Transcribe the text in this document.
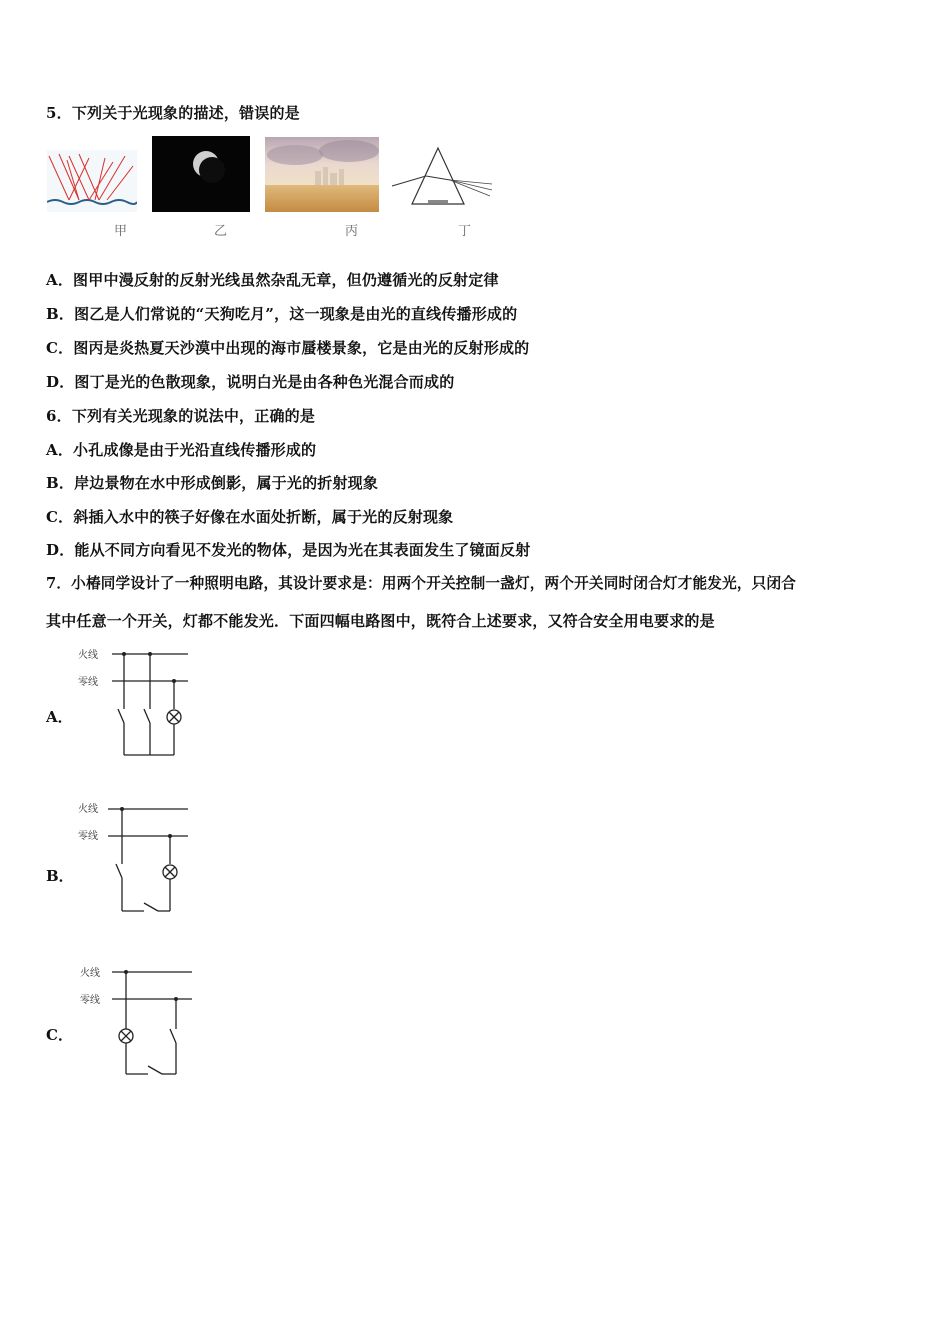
5．下列关于光现象的描述，错误的是
甲	乙	丙	丁
A．图甲中漫反射的反射光线虽然杂乱无章，但仍遵循光的反射定律
B．图乙是人们常说的“天狗吃月”，这一现象是由光的直线传播形成的
C．图丙是炎热夏天沙漠中出现的海市蜃楼景象，它是由光的反射形成的
D．图丁是光的色散现象，说明白光是由各种色光混合而成的
6．下列有关光现象的说法中，正确的是
A．小孔成像是由于光沿直线传播形成的
B．岸边景物在水中形成倒影，属于光的折射现象
C．斜插入水中的筷子好像在水面处折断，属于光的反射现象
D．能从不同方向看见不发光的物体，是因为光在其表面发生了镜面反射
7．小椿同学设计了一种照明电路，其设计要求是：用两个开关控制一盏灯，两个开关同时闭合灯才能发光，只闭合
其中任意一个开关，灯都不能发光．下面四幅电路图中，既符合上述要求，又符合安全用电要求的是
A．
火线
零线
B．
火线
零线
C．
火线
零线
